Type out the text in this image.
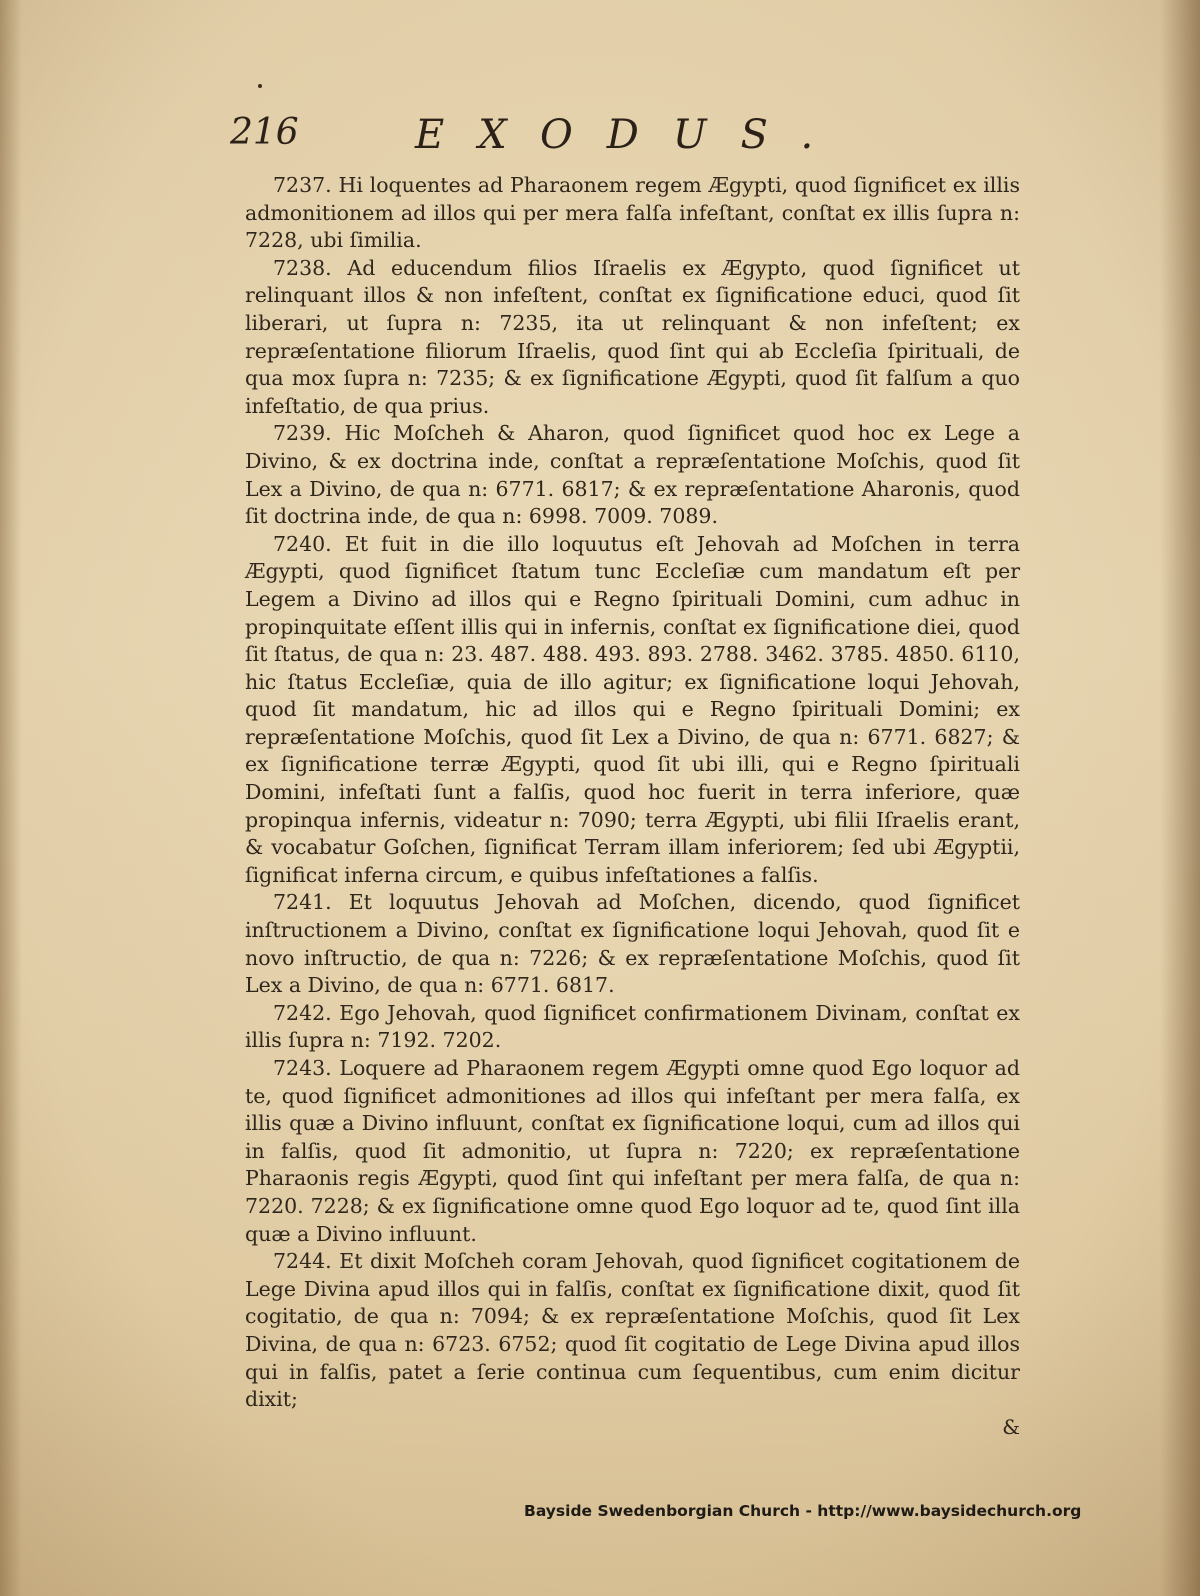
216	EXODUS.

7237. Hi loquentes ad Pharaonem regem Ægypti, quod ſignificet ex illis admonitionem ad illos qui per mera falſa infeſtant, conſtat ex illis ſupra n: 7228, ubi ſimilia.

7238. Ad educendum filios Iſraelis ex Ægypto, quod ſignificet ut relinquant illos & non infeſtent, conſtat ex ſignificatione educi, quod ſit liberari, ut ſupra n: 7235, ita ut relinquant & non infeſtent; ex repræſentatione filiorum Iſraelis, quod ſint qui ab Eccleſia ſpirituali, de qua mox ſupra n: 7235; & ex ſignificatione Ægypti, quod ſit falſum a quo infeſtatio, de qua prius.

7239. Hic Moſcheh & Aharon, quod ſignificet quod hoc ex Lege a Divino, & ex doctrina inde, conſtat a repræſentatione Moſchis, quod ſit Lex a Divino, de qua n: 6771. 6817; & ex repræſentatione Aharonis, quod ſit doctrina inde, de qua n: 6998. 7009. 7089.

7240. Et fuit in die illo loquutus eſt Jehovah ad Moſchen in terra Ægypti, quod ſignificet ſtatum tunc Eccleſiæ cum mandatum eſt per Legem a Divino ad illos qui e Regno ſpirituali Domini, cum adhuc in propinquitate eſſent illis qui in infernis, conſtat ex ſignificatione diei, quod ſit ſtatus, de qua n: 23. 487. 488. 493. 893. 2788. 3462. 3785. 4850. 6110, hic ſtatus Eccleſiæ, quia de illo agitur; ex ſignificatione loqui Jehovah, quod ſit mandatum, hic ad illos qui e Regno ſpirituali Domini; ex repræſentatione Moſchis, quod ſit Lex a Divino, de qua n: 6771. 6827; & ex ſignificatione terræ Ægypti, quod ſit ubi illi, qui e Regno ſpirituali Domini, infeſtati ſunt a falſis, quod hoc fuerit in terra inferiore, quæ propinqua infernis, videatur n: 7090; terra Ægypti, ubi filii Iſraelis erant, & vocabatur Goſchen, ſignificat Terram illam inferiorem; ſed ubi Ægyptii, ſignificat inferna circum, e quibus infeſtationes a falſis.

7241. Et loquutus Jehovah ad Moſchen, dicendo, quod ſignificet inſtructionem a Divino, conſtat ex ſignificatione loqui Jehovah, quod ſit e novo inſtructio, de qua n: 7226; & ex repræſentatione Moſchis, quod ſit Lex a Divino, de qua n: 6771. 6817.

7242. Ego Jehovah, quod ſignificet confirmationem Divinam, conſtat ex illis ſupra n: 7192. 7202.

7243. Loquere ad Pharaonem regem Ægypti omne quod Ego loquor ad te, quod ſignificet admonitiones ad illos qui infeſtant per mera falſa, ex illis quæ a Divino influunt, conſtat ex ſignificatione loqui, cum ad illos qui in falſis, quod ſit admonitio, ut ſupra n: 7220; ex repræſentatione Pharaonis regis Ægypti, quod ſint qui infeſtant per mera falſa, de qua n: 7220. 7228; & ex ſignificatione omne quod Ego loquor ad te, quod ſint illa quæ a Divino influunt.

7244. Et dixit Moſcheh coram Jehovah, quod ſignificet cogitationem de Lege Divina apud illos qui in falſis, conſtat ex ſignificatione dixit, quod ſit cogitatio, de qua n: 7094; & ex repræſentatione Moſchis, quod ſit Lex Divina, de qua n: 6723. 6752; quod ſit cogitatio de Lege Divina apud illos qui in falſis, patet a ſerie continua cum ſequentibus, cum enim dicitur dixit;

&

Bayside Swedenborgian Church - http://www.baysidechurch.org
